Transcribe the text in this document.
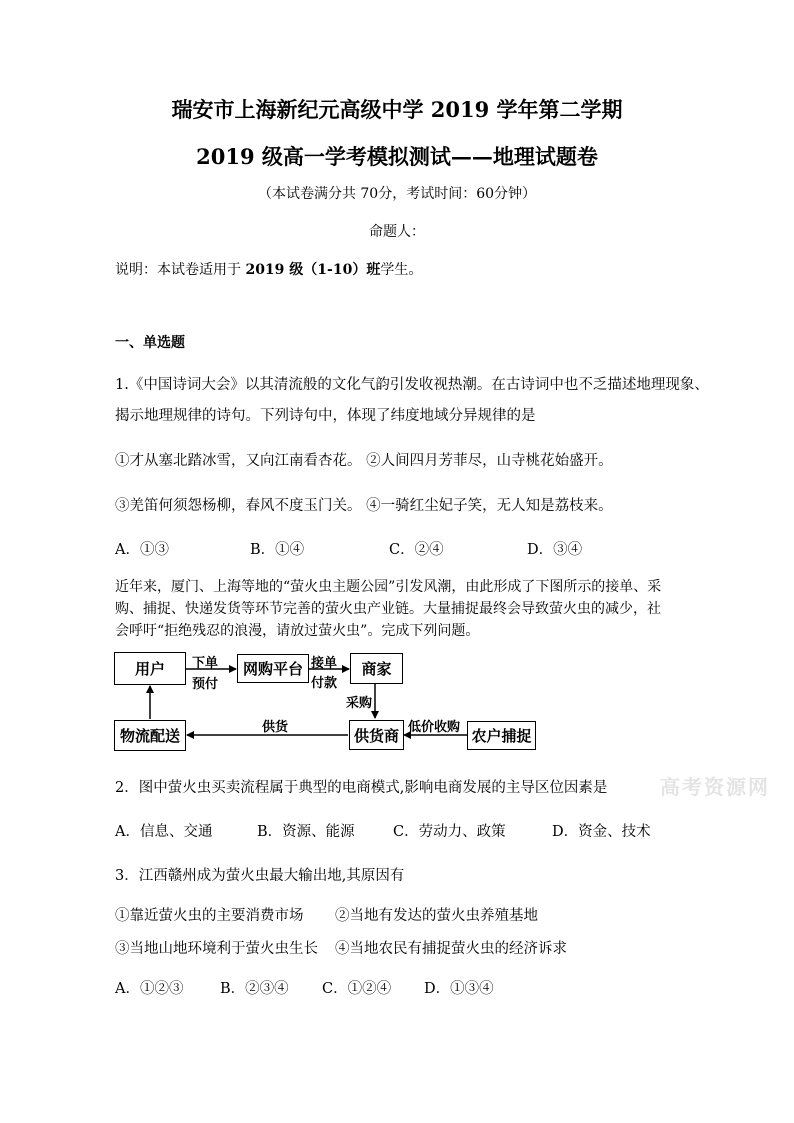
瑞安市上海新纪元高级中学 2019 学年第二学期
2019 级高一学考模拟测试——地理试题卷
（本试卷满分共 70分，考试时间：60分钟）
命题人：
说明：本试卷适用于 2019 级（1-10）班学生。
一、单选题
1.《中国诗词大会》以其清流般的文化气韵引发收视热潮。在古诗词中也不乏描述地理现象、
揭示地理规律的诗句。下列诗句中，体现了纬度地域分异规律的是
①才从塞北踏冰雪，又向江南看杏花。 ②人间四月芳菲尽，山寺桃花始盛开。
③羌笛何须怨杨柳，春风不度玉门关。 ④一骑红尘妃子笑，无人知是荔枝来。
A．①③	B．①④	C．②④	D．③④
近年来，厦门、上海等地的“萤火虫主题公园”引发风潮，由此形成了下图所示的接单、采
购、捕捉、快递发货等环节完善的萤火虫产业链。大量捕捉最终会导致萤火虫的减少，社
会呼吁“拒绝残忍的浪漫，请放过萤火虫”。完成下列问题。
用户	网购平台	商家
物流配送	供货商	农户捕捉
下单
预付
接单
付款
采购
供货	低价收购
2．图中萤火虫买卖流程属于典型的电商模式,影响电商发展的主导区位因素是	高考资源网
A．信息、交通	B．资源、能源	C．劳动力、政策	D．资金、技术
3．江西赣州成为萤火虫最大输出地,其原因有
①靠近萤火虫的主要消费市场 ②当地有发达的萤火虫养殖基地
③当地山地环境利于萤火虫生长 ④当地农民有捕捉萤火虫的经济诉求
A．①②③	B．②③④ C．①②④ D．①③④
